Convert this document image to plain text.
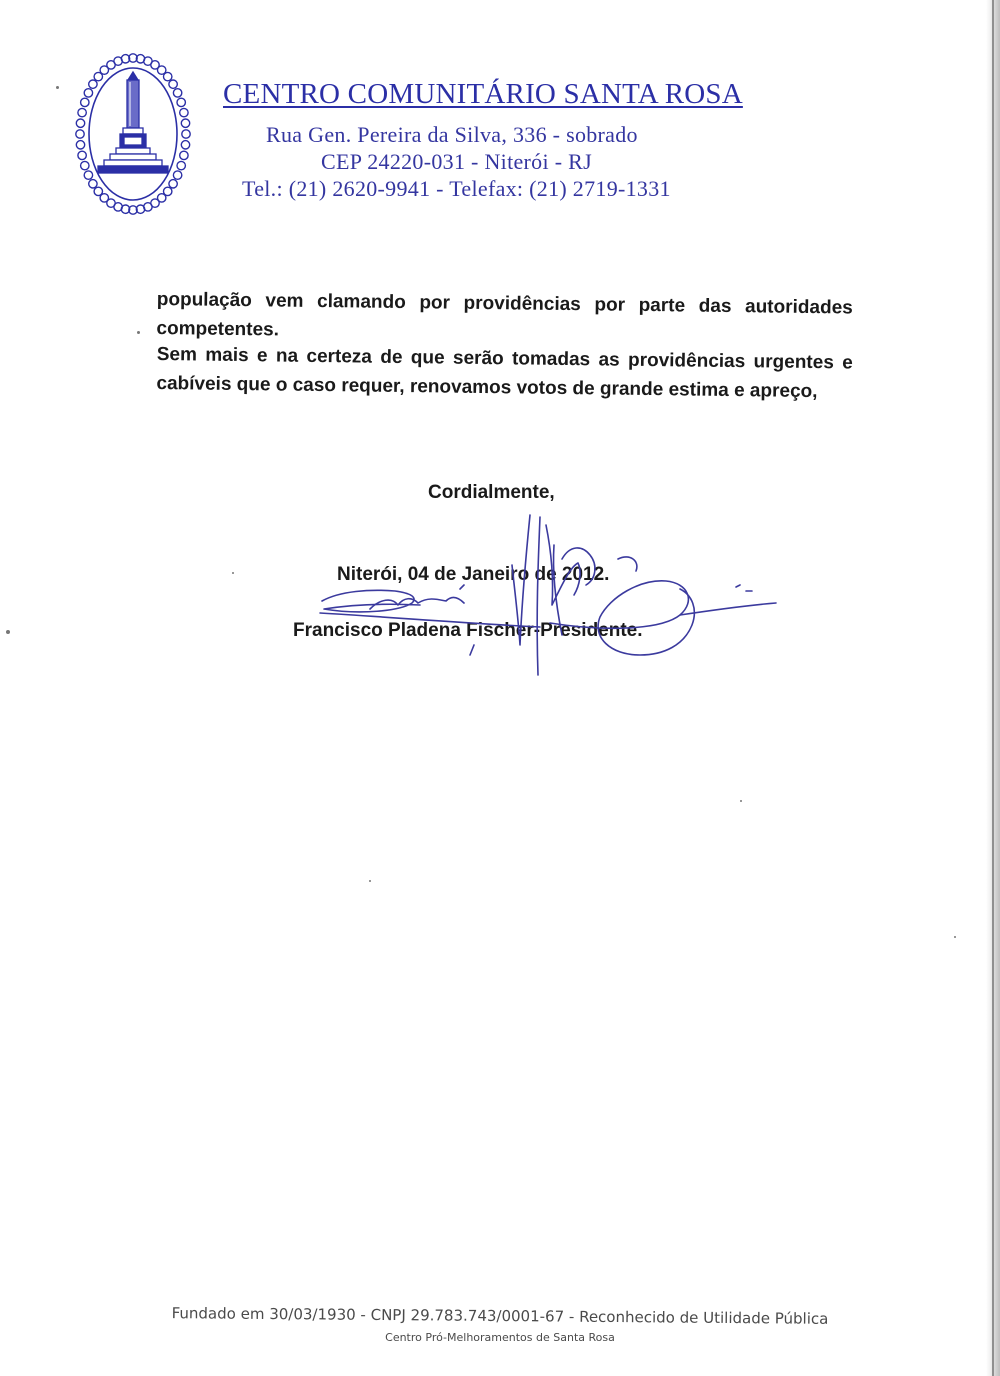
CENTRO COMUNITÁRIO SANTA ROSA
Rua Gen. Pereira da Silva, 336 - sobrado
CEP 24220-031 - Niterói - RJ
Tel.: (21) 2620-9941 - Telefax: (21) 2719-1331

população vem clamando por providências por parte das autoridades competentes.

Sem mais e na certeza de que serão tomadas as providências urgentes e cabíveis que o caso requer, renovamos votos de grande estima e apreço,

Cordialmente,
Niterói, 04 de Janeiro de 2012.
Francisco Pladena Fischer-Presidente.
Fundado em 30/03/1930 - CNPJ 29.783.743/0001-67 - Reconhecido de Utilidade Pública
Centro Pró-Melhoramentos de Santa Rosa
